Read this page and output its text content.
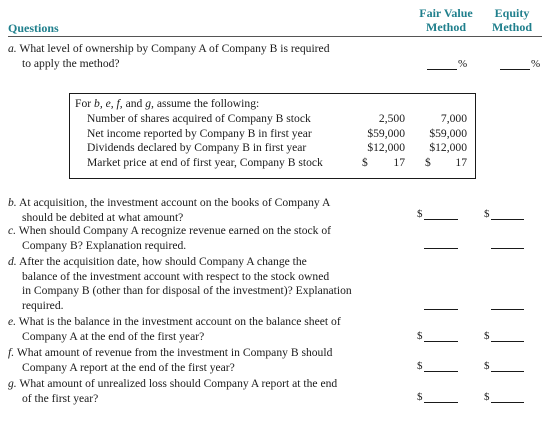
Questions
Fair Value
Method
Equity
Method
a. What level of ownership by Company A of Company B is required
to apply the method?	%	%
For b, e, f, and g, assume the following:
Number of shares acquired of Company B stock	2,500	7,000
Net income reported by Company B in first year	$59,000	$59,000
Dividends declared by Company B in first year	$12,000	$12,000
Market price at end of first year, Company B stock	$	17 $	17
b. At acquisition, the investment account on the books of Company A
should be debited at what amount?	$	$
c. When should Company A recognize revenue earned on the stock of
Company B? Explanation required.
d. After the acquisition date, how should Company A change the
balance of the investment account with respect to the stock owned
in Company B (other than for disposal of the investment)? Explanation
required.
e. What is the balance in the investment account on the balance sheet of
Company A at the end of the first year?	$	$
f. What amount of revenue from the investment in Company B should
Company A report at the end of the first year?	$	$
g. What amount of unrealized loss should Company A report at the end
of the first year?	$	$
